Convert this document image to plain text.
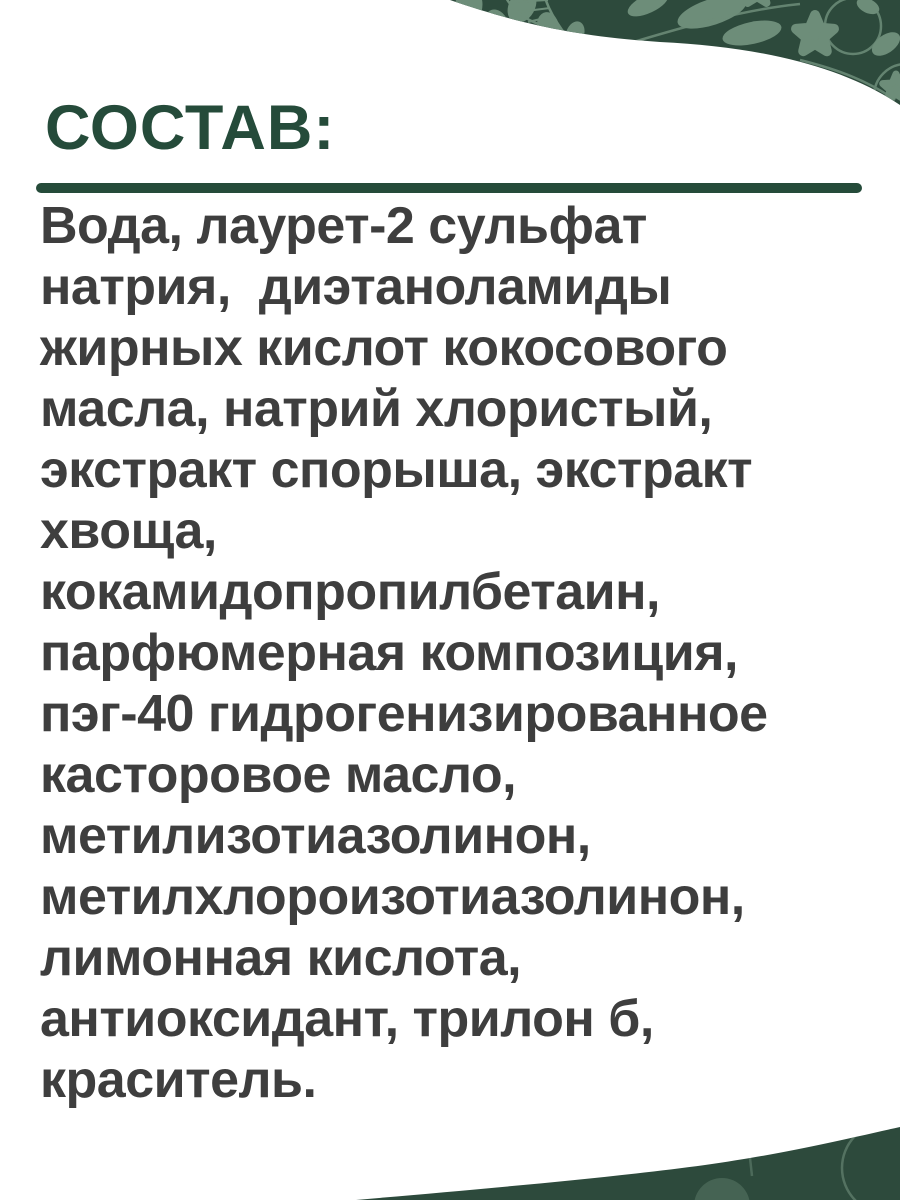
СОСТАВ:
Вода, лаурет-2 сульфат
натрия,  диэтаноламиды
жирных кислот кокосового
масла, натрий хлористый,
экстракт спорыша, экстракт
хвоща,
кокамидопропилбетаин,
парфюмерная композиция,
пэг-40 гидрогенизированное
касторовое масло,
метилизотиазолинон,
метилхлороизотиазолинон,
лимонная кислота,
антиоксидант, трилон б,
краситель.
